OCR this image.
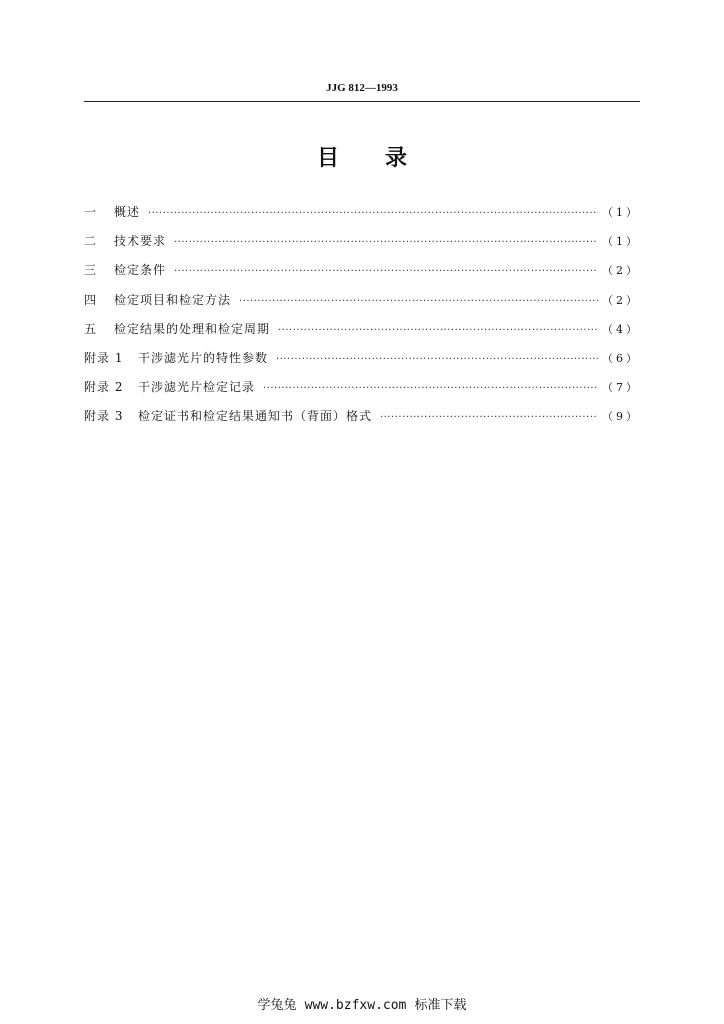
JJG 812—1993
目 录
一	概述 ·····	（1）
二	技术要求 ·····	（1）
三	检定条件 ·····	（2）
四	检定项目和检定方法 ·····	（2）
五	检定结果的处理和检定周期 ·····	（4）
附录 1	干涉滤光片的特性参数 ·····	（6）
附录 2	干涉滤光片检定记录 ·····	（7）
附录 3	检定证书和检定结果通知书（背面）格式 ·····	（9）
学兔兔 www.bzfxw.com 标准下载
